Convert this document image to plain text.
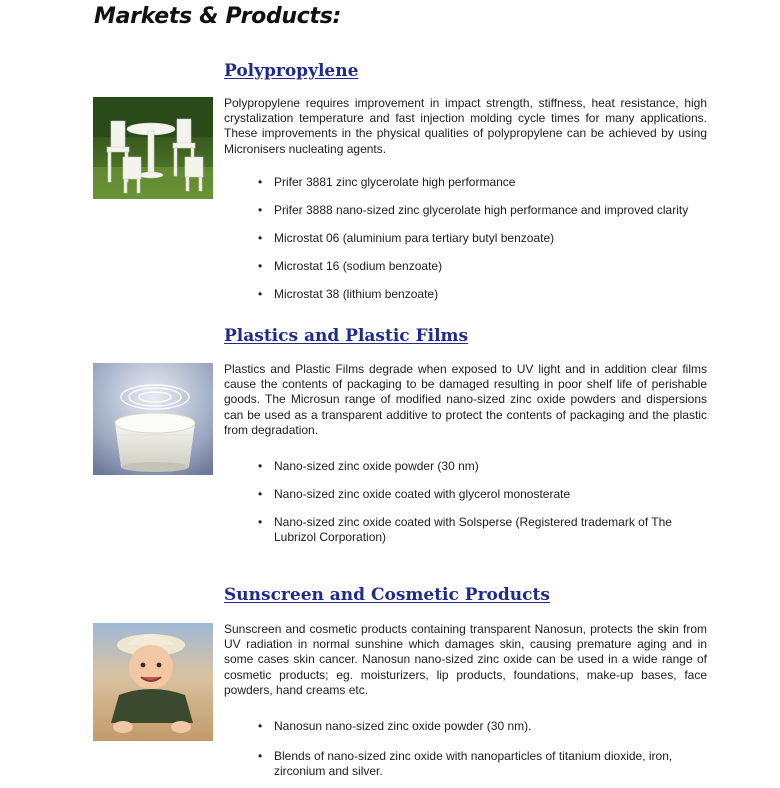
Markets & Products:
Polypropylene

Polypropylene requires improvement in impact strength, stiffness, heat resistance, high crystalization temperature and fast injection molding cycle times for many applications. These improvements in the physical qualities of polypropylene can be achieved by using Micronisers nucleating agents.

• Prifer 3881 zinc glycerolate high performance
• Prifer 3888 nano-sized zinc glycerolate high performance and improved clarity
• Microstat 06 (aluminium para tertiary butyl benzoate)
• Microstat 16 (sodium benzoate)
• Microstat 38 (lithium benzoate)
Plastics and Plastic Films

Plastics and Plastic Films degrade when exposed to UV light and in addition clear films cause the contents of packaging to be damaged resulting in poor shelf life of perishable goods. The Microsun range of modified nano-sized zinc oxide powders and dispersions can be used as a transparent additive to protect the contents of packaging and the plastic from degradation.

• Nano-sized zinc oxide powder (30 nm)
• Nano-sized zinc oxide coated with glycerol monosterate
• Nano-sized zinc oxide coated with Solsperse (Registered trademark of The Lubrizol Corporation)
Sunscreen and Cosmetic Products

Sunscreen and cosmetic products containing transparent Nanosun, protects the skin from UV radiation in normal sunshine which damages skin, causing premature aging and in some cases skin cancer. Nanosun nano-sized zinc oxide can be used in a wide range of cosmetic products; eg. moisturizers, lip products, foundations, make-up bases, face powders, hand creams etc.

• Nanosun nano-sized zinc oxide powder (30 nm).
• Blends of nano-sized zinc oxide with nanoparticles of titanium dioxide, iron, zirconium and silver.
